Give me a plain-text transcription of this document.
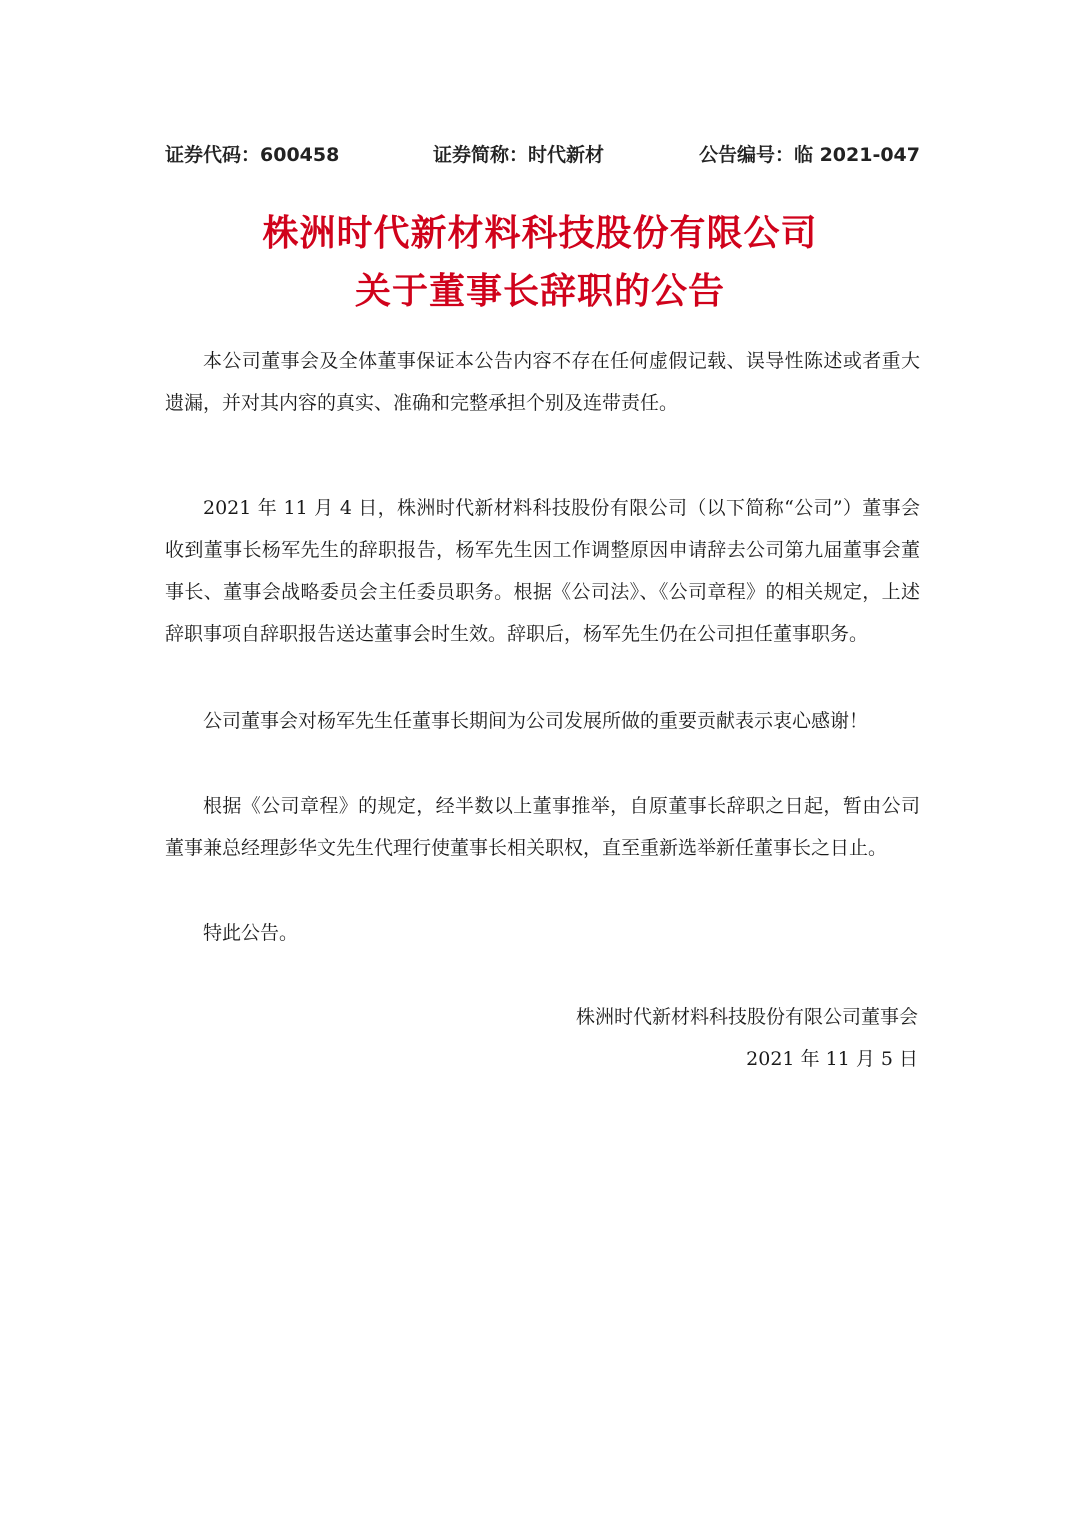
证券代码：600458	证券简称：时代新材	公告编号：临 2021-047
株洲时代新材料科技股份有限公司
关于董事长辞职的公告

本公司董事会及全体董事保证本公告内容不存在任何虚假记载、误导性陈述或者重大遗漏，并对其内容的真实、准确和完整承担个别及连带责任。

2021 年 11 月 4 日，株洲时代新材料科技股份有限公司（以下简称“公司”）董事会收到董事长杨军先生的辞职报告，杨军先生因工作调整原因申请辞去公司第九届董事会董事长、董事会战略委员会主任委员职务。根据《公司法》、《公司章程》的相关规定，上述辞职事项自辞职报告送达董事会时生效。辞职后，杨军先生仍在公司担任董事职务。

公司董事会对杨军先生任董事长期间为公司发展所做的重要贡献表示衷心感谢！

根据《公司章程》的规定，经半数以上董事推举，自原董事长辞职之日起，暂由公司董事兼总经理彭华文先生代理行使董事长相关职权，直至重新选举新任董事长之日止。

特此公告。

株洲时代新材料科技股份有限公司董事会
2021 年 11 月 5 日
